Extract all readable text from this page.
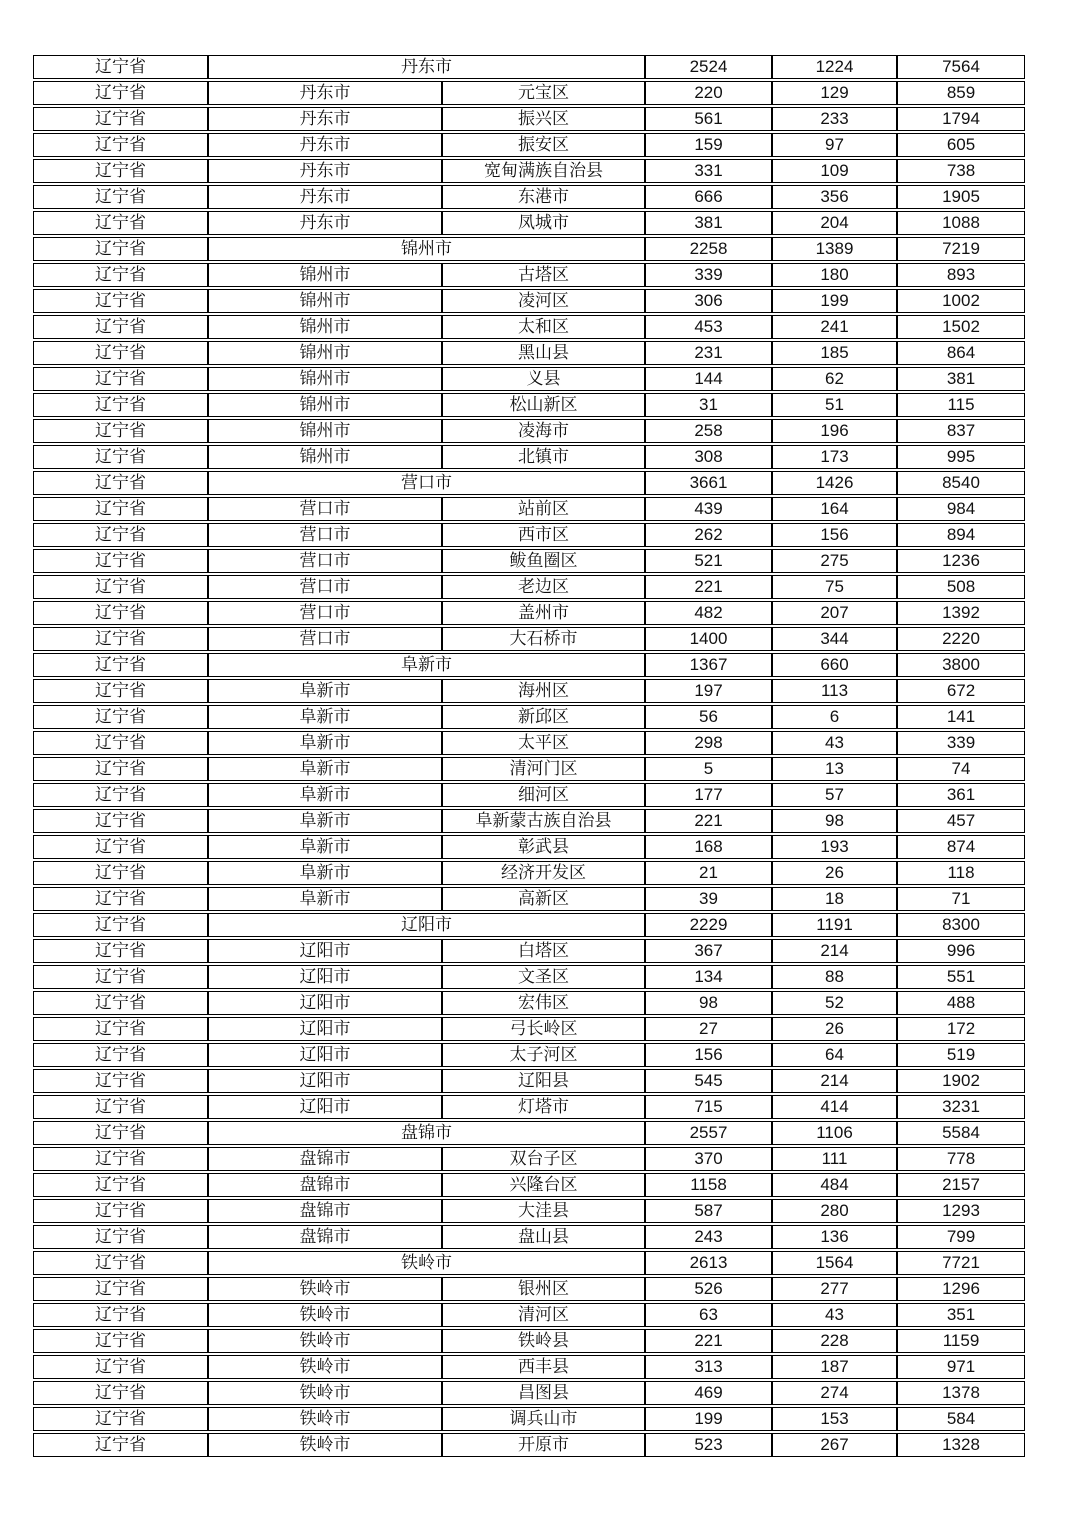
辽宁省	丹东市		2524	1224	7564
辽宁省	丹东市	元宝区	220	129	859
辽宁省	丹东市	振兴区	561	233	1794
辽宁省	丹东市	振安区	159	97	605
辽宁省	丹东市	宽甸满族自治县	331	109	738
辽宁省	丹东市	东港市	666	356	1905
辽宁省	丹东市	凤城市	381	204	1088
辽宁省	锦州市		2258	1389	7219
辽宁省	锦州市	古塔区	339	180	893
辽宁省	锦州市	凌河区	306	199	1002
辽宁省	锦州市	太和区	453	241	1502
辽宁省	锦州市	黑山县	231	185	864
辽宁省	锦州市	义县	144	62	381
辽宁省	锦州市	松山新区	31	51	115
辽宁省	锦州市	凌海市	258	196	837
辽宁省	锦州市	北镇市	308	173	995
辽宁省	营口市		3661	1426	8540
辽宁省	营口市	站前区	439	164	984
辽宁省	营口市	西市区	262	156	894
辽宁省	营口市	鲅鱼圈区	521	275	1236
辽宁省	营口市	老边区	221	75	508
辽宁省	营口市	盖州市	482	207	1392
辽宁省	营口市	大石桥市	1400	344	2220
辽宁省	阜新市		1367	660	3800
辽宁省	阜新市	海州区	197	113	672
辽宁省	阜新市	新邱区	56	6	141
辽宁省	阜新市	太平区	298	43	339
辽宁省	阜新市	清河门区	5	13	74
辽宁省	阜新市	细河区	177	57	361
辽宁省	阜新市	阜新蒙古族自治县	221	98	457
辽宁省	阜新市	彰武县	168	193	874
辽宁省	阜新市	经济开发区	21	26	118
辽宁省	阜新市	高新区	39	18	71
辽宁省	辽阳市		2229	1191	8300
辽宁省	辽阳市	白塔区	367	214	996
辽宁省	辽阳市	文圣区	134	88	551
辽宁省	辽阳市	宏伟区	98	52	488
辽宁省	辽阳市	弓长岭区	27	26	172
辽宁省	辽阳市	太子河区	156	64	519
辽宁省	辽阳市	辽阳县	545	214	1902
辽宁省	辽阳市	灯塔市	715	414	3231
辽宁省	盘锦市		2557	1106	5584
辽宁省	盘锦市	双台子区	370	111	778
辽宁省	盘锦市	兴隆台区	1158	484	2157
辽宁省	盘锦市	大洼县	587	280	1293
辽宁省	盘锦市	盘山县	243	136	799
辽宁省	铁岭市		2613	1564	7721
辽宁省	铁岭市	银州区	526	277	1296
辽宁省	铁岭市	清河区	63	43	351
辽宁省	铁岭市	铁岭县	221	228	1159
辽宁省	铁岭市	西丰县	313	187	971
辽宁省	铁岭市	昌图县	469	274	1378
辽宁省	铁岭市	调兵山市	199	153	584
辽宁省	铁岭市	开原市	523	267	1328
